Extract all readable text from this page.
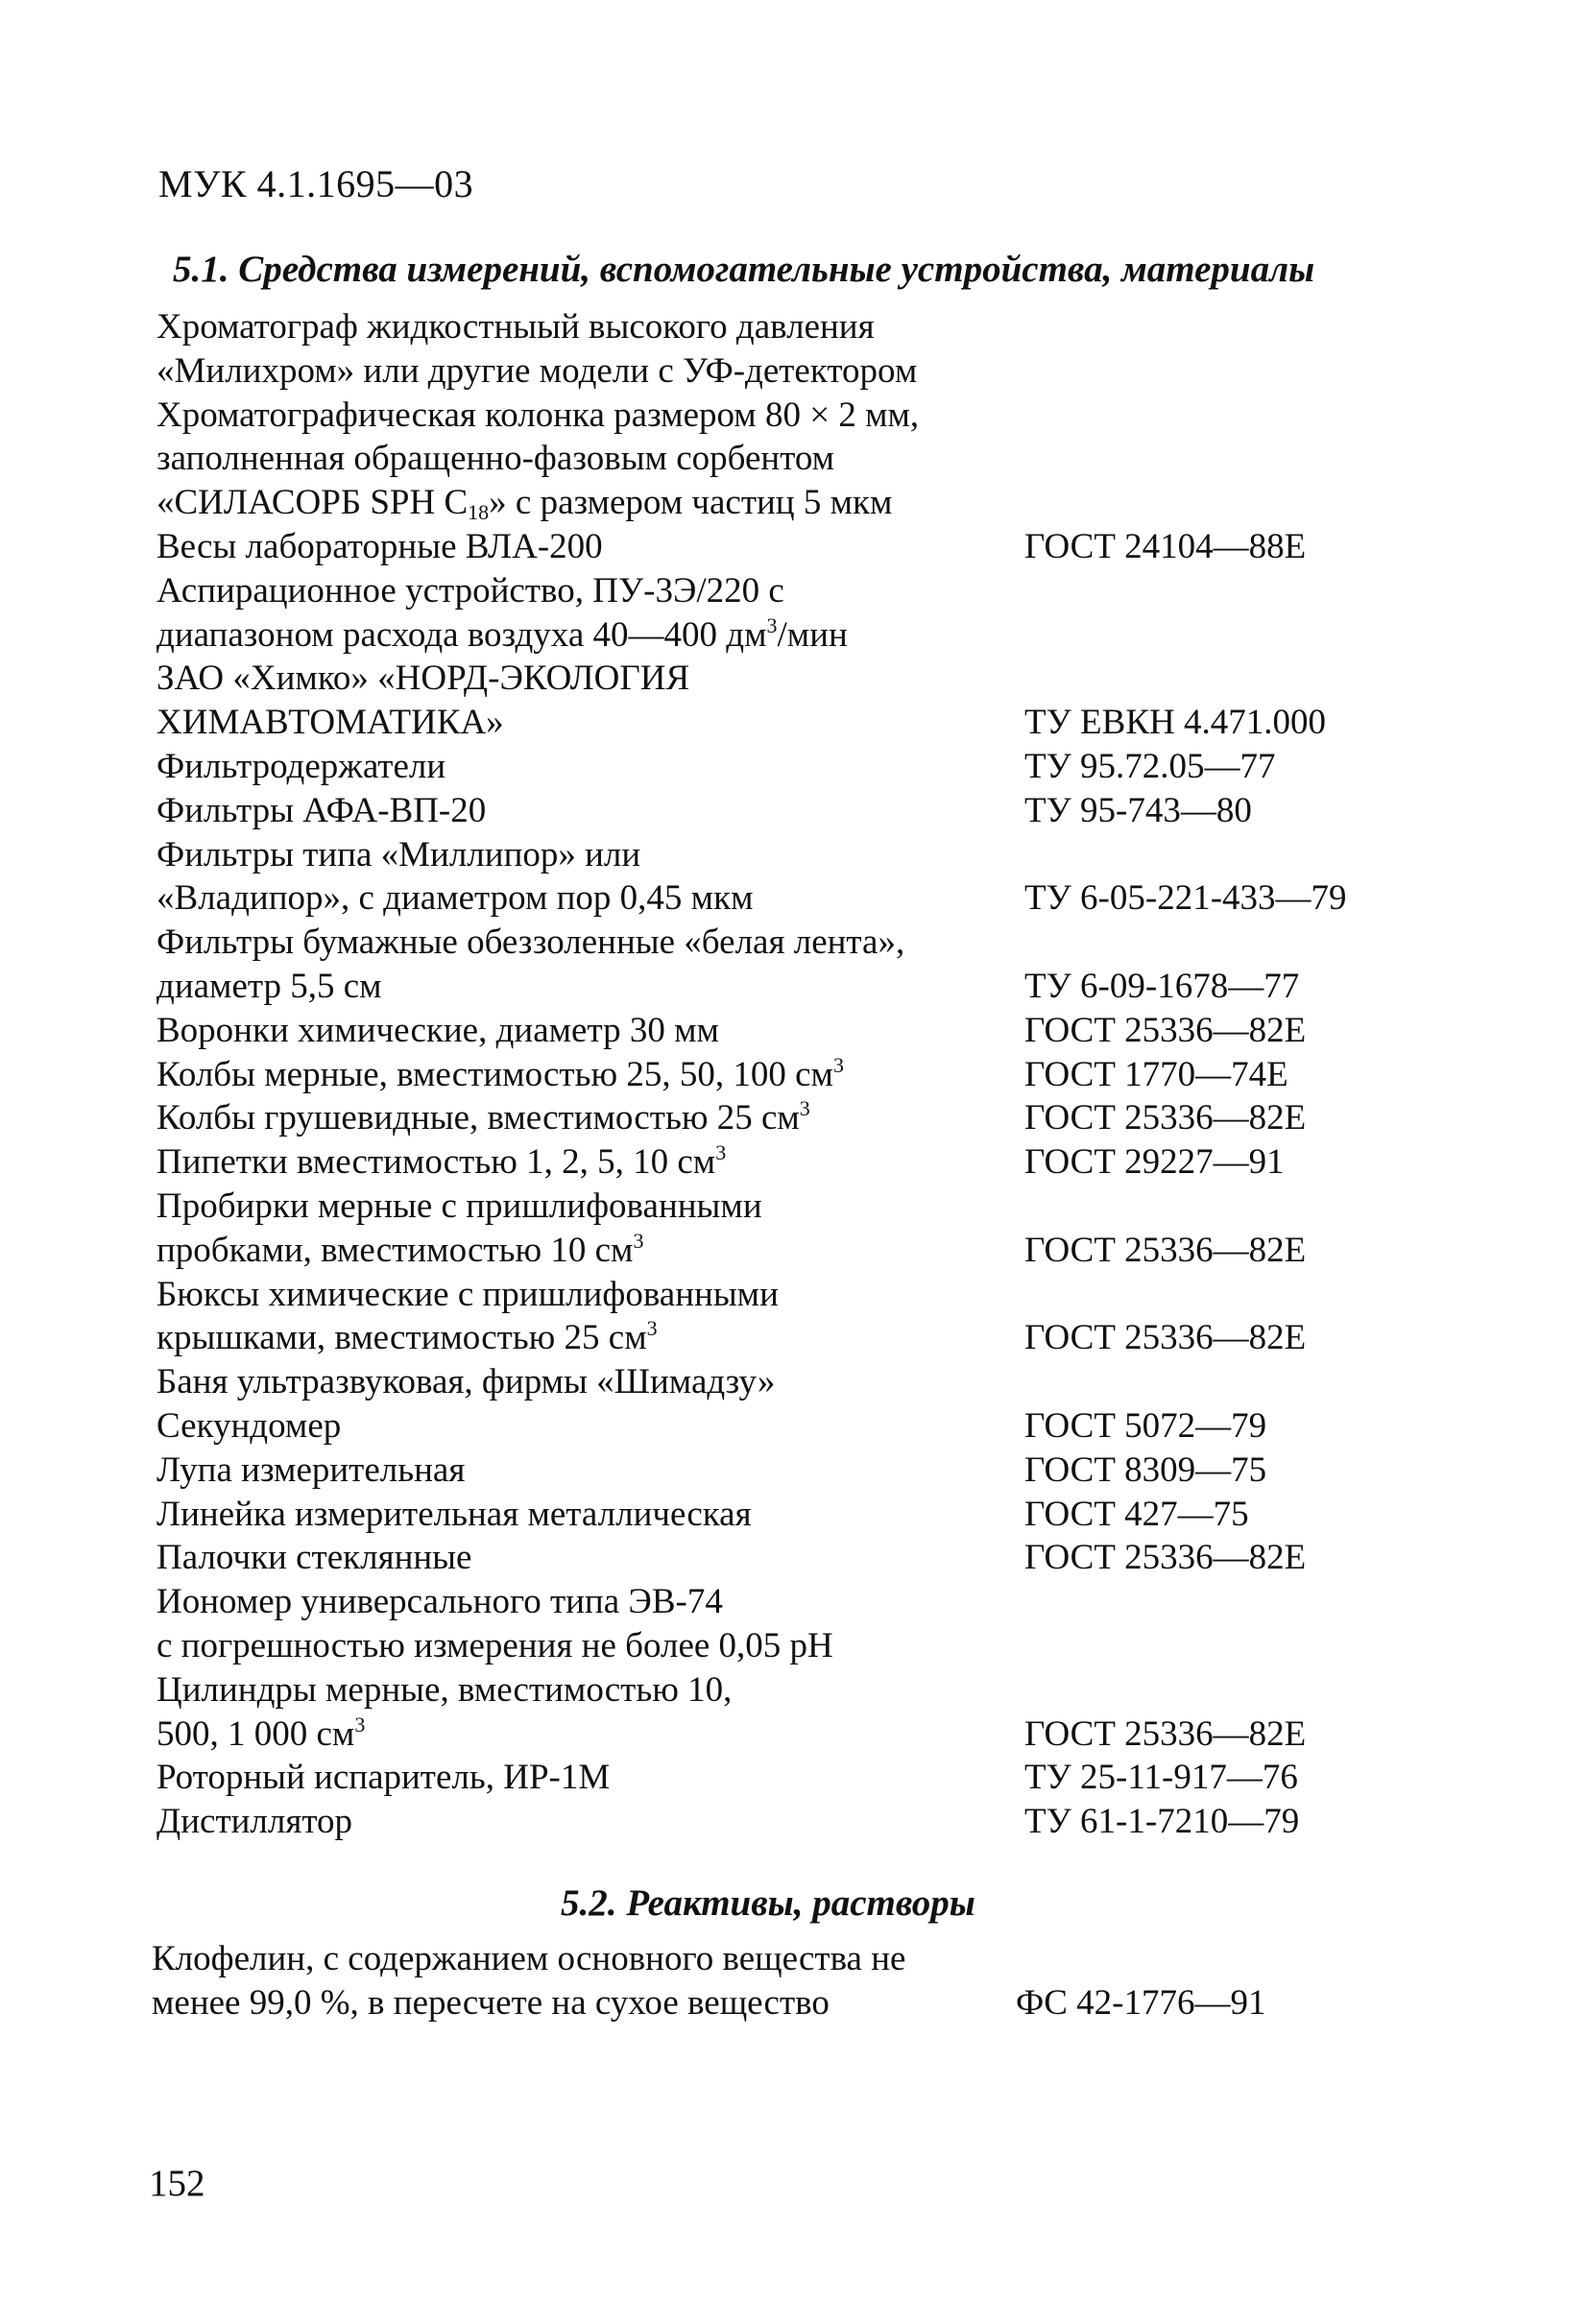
МУК 4.1.1695—03
5.1. Средства измерений, вспомогательные устройства, материалы
Хроматограф жидкостныый высокого давления
«Милихром» или другие модели с УФ-детектором
Хроматографическая колонка размером 80 × 2 мм,
заполненная обращенно-фазовым сорбентом
«СИЛАСОРБ SPH $C_{18}$» с размером частиц 5 мкм
Весы лабораторные ВЛА-200	ГОСТ 24104—88Е
Аспирационное устройство, ПУ-3Э/220 с
диапазоном расхода воздуха 40—400 $дм^3$/мин
ЗАО «Химко» «НОРД-ЭКОЛОГИЯ
ХИМАВТОМАТИКА»	ТУ ЕВКН 4.471.000
Фильтродержатели	ТУ 95.72.05—77
Фильтры АФА-ВП-20	ТУ 95-743—80
Фильтры типа «Миллипор» или
«Владипор», с диаметром пор 0,45 мкм	ТУ 6-05-221-433—79
Фильтры бумажные обеззоленные «белая лента»,
диаметр 5,5 см	ТУ 6-09-1678—77
Воронки химические, диаметр 30 мм	ГОСТ 25336—82Е
Колбы мерные, вместимостью 25, 50, 100 $см^3$	ГОСТ 1770—74Е
Колбы грушевидные, вместимостью 25 $см^3$	ГОСТ 25336—82Е
Пипетки вместимостью 1, 2, 5, 10 $см^3$	ГОСТ 29227—91
Пробирки мерные с пришлифованными
пробками, вместимостью 10 $см^3$	ГОСТ 25336—82Е
Бюксы химические с пришлифованными
крышками, вместимостью 25 $см^3$	ГОСТ 25336—82Е
Баня ультразвуковая, фирмы «Шимадзу»
Секундомер	ГОСТ 5072—79
Лупа измерительная	ГОСТ 8309—75
Линейка измерительная металлическая	ГОСТ 427—75
Палочки стеклянные	ГОСТ 25336—82Е
Иономер универсального типа ЭВ-74
с погрешностью измерения не более 0,05 pH
Цилиндры мерные, вместимостью 10,
500, 1 000 $см^3$	ГОСТ 25336—82Е
Роторный испаритель, ИР-1М	ТУ 25-11-917—76
Дистиллятор	ТУ 61-1-7210—79
5.2. Реактивы, растворы
Клофелин, с содержанием основного вещества не
менее 99,0 %, в пересчете на сухое вещество	ФС 42-1776—91
152
